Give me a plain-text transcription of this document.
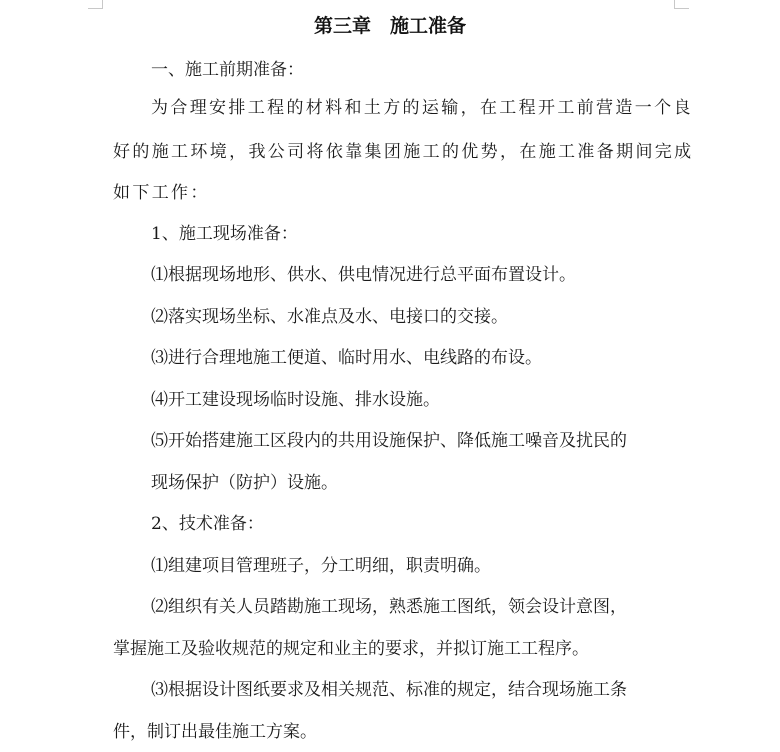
第三章　施工准备
一、施工前期准备：
为合理安排工程的材料和土方的运输，在工程开工前营造一个良
好的施工环境，我公司将依靠集团施工的优势，在施工准备期间完成
如下工作：
1、施工现场准备：
⑴根据现场地形、供水、供电情况进行总平面布置设计。
⑵落实现场坐标、水准点及水、电接口的交接。
⑶进行合理地施工便道、临时用水、电线路的布设。
⑷开工建设现场临时设施、排水设施。
⑸开始搭建施工区段内的共用设施保护、降低施工噪音及扰民的
现场保护（防护）设施。
2、技术准备：
⑴组建项目管理班子，分工明细，职责明确。
⑵组织有关人员踏勘施工现场，熟悉施工图纸，领会设计意图，
掌握施工及验收规范的规定和业主的要求，并拟订施工工程序。
⑶根据设计图纸要求及相关规范、标准的规定，结合现场施工条
件，制订出最佳施工方案。
